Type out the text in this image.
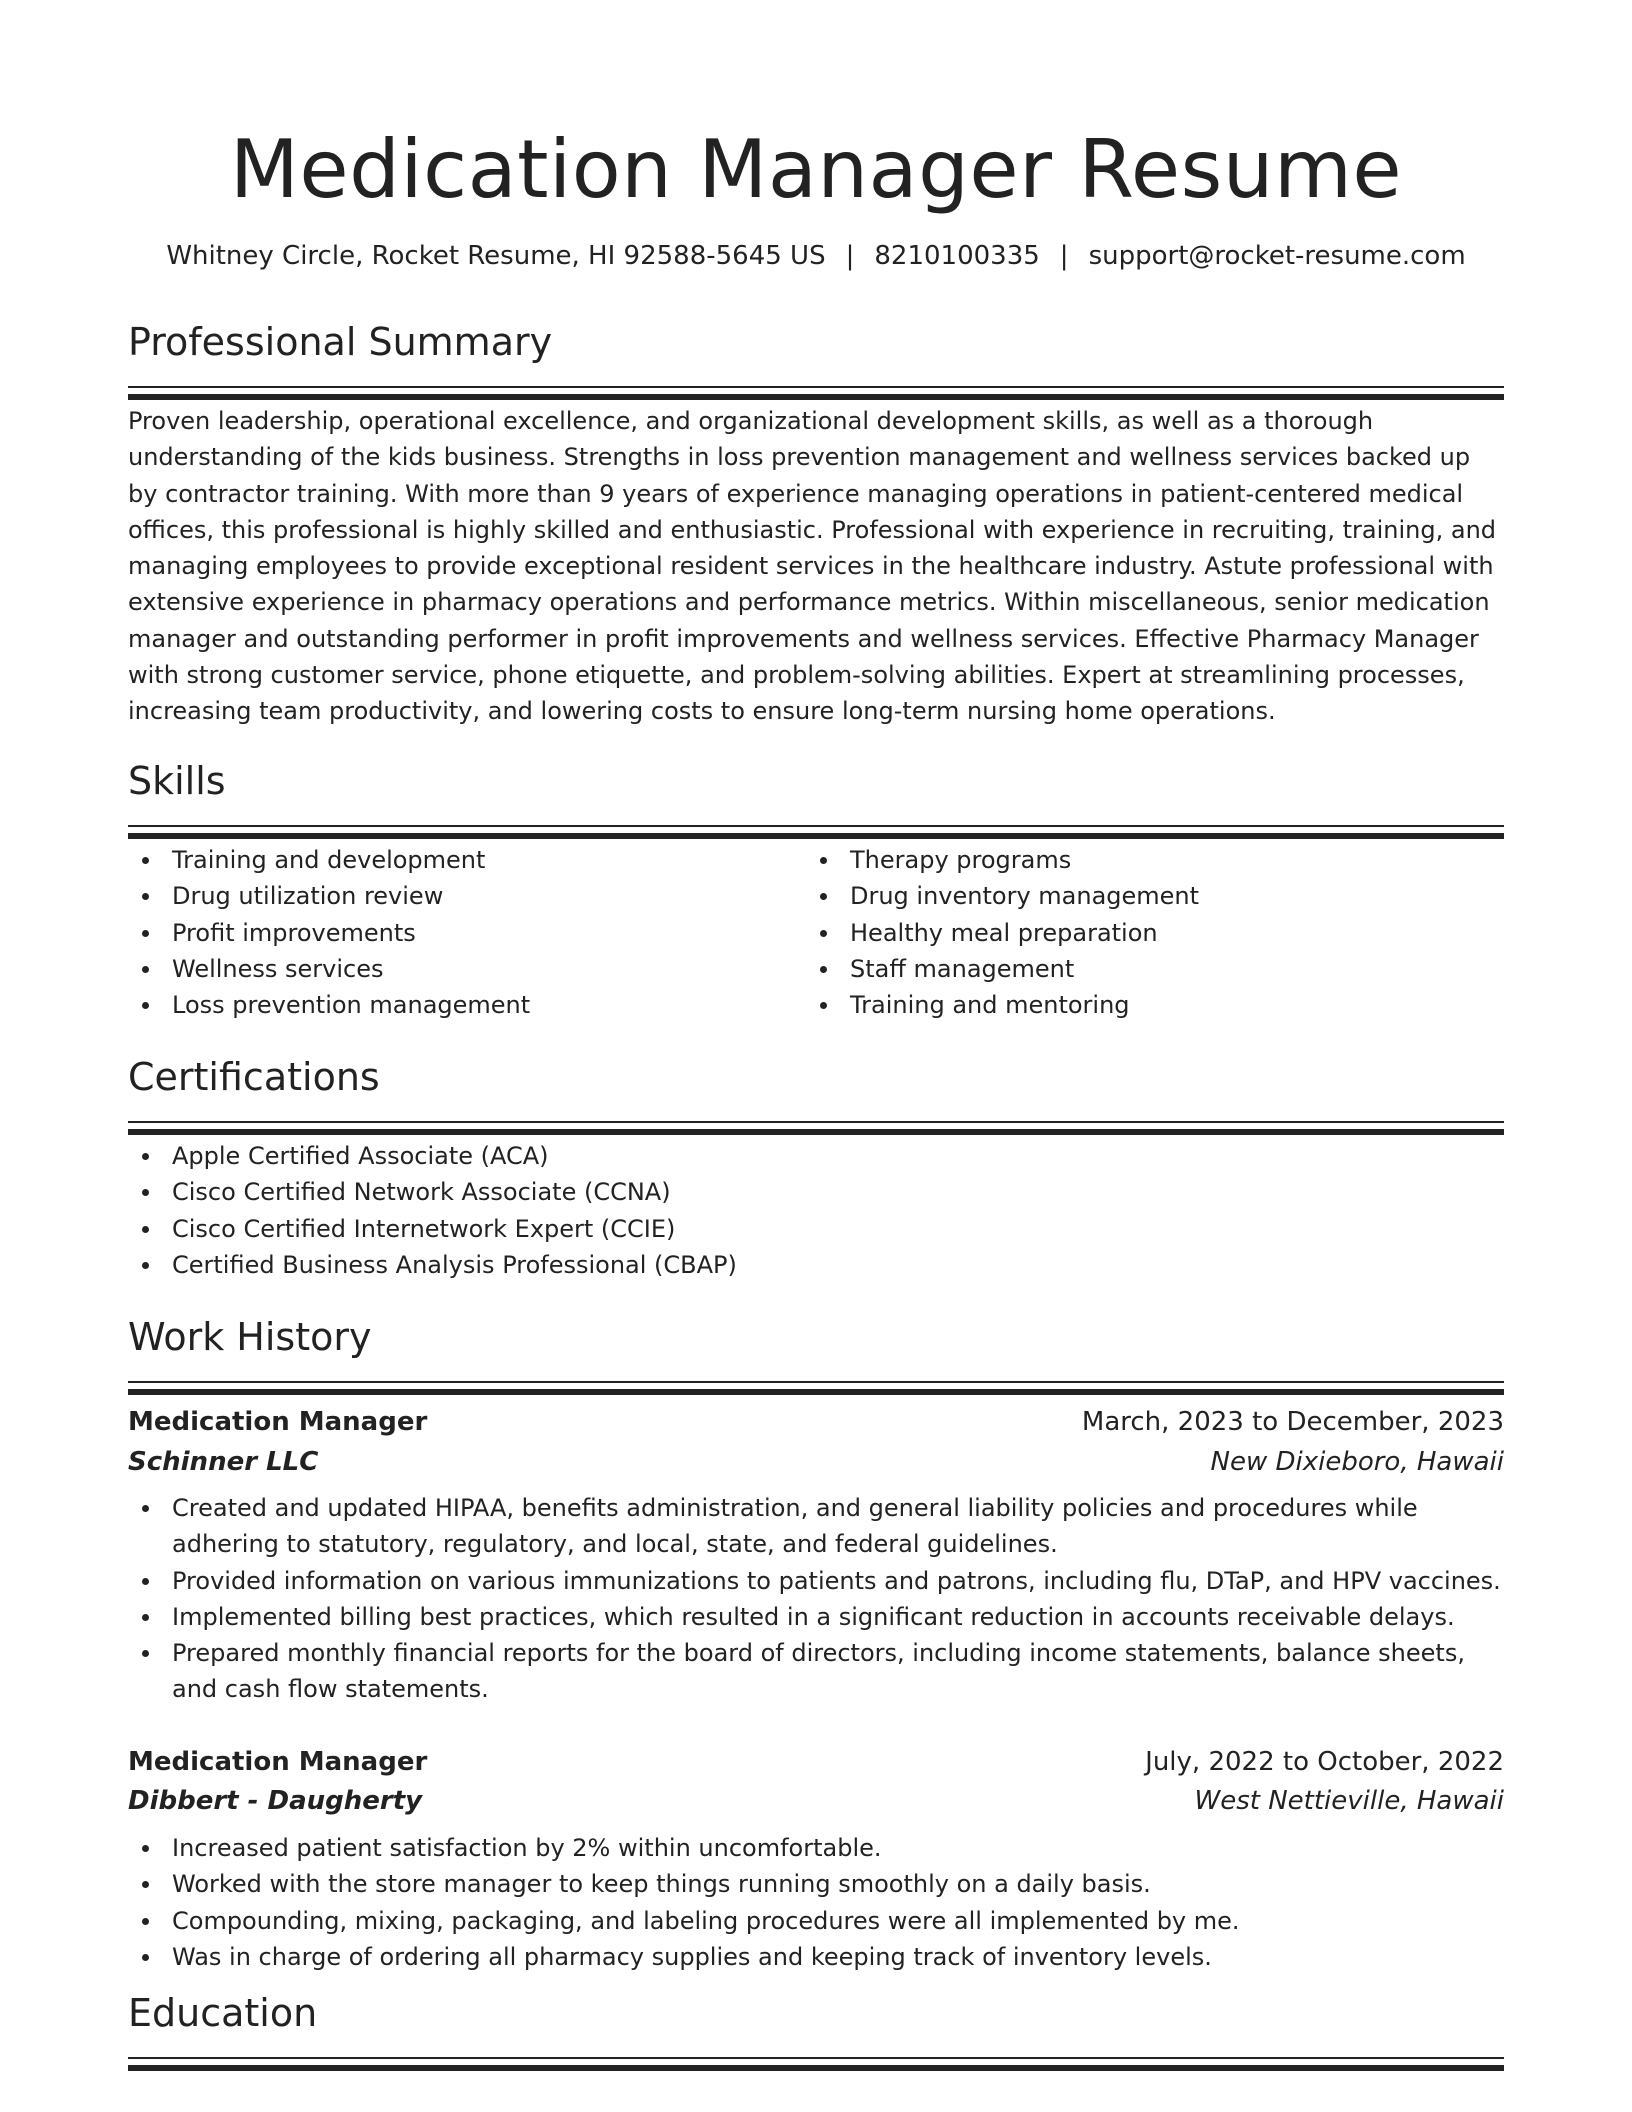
Medication Manager Resume
Whitney Circle, Rocket Resume, HI 92588-5645 US | 8210100335 | support@rocket-resume.com
Professional Summary

Proven leadership, operational excellence, and organizational development skills, as well as a thorough understanding of the kids business. Strengths in loss prevention management and wellness services backed up by contractor training. With more than 9 years of experience managing operations in patient-centered medical offices, this professional is highly skilled and enthusiastic. Professional with experience in recruiting, training, and managing employees to provide exceptional resident services in the healthcare industry. Astute professional with extensive experience in pharmacy operations and performance metrics. Within miscellaneous, senior medication manager and outstanding performer in profit improvements and wellness services. Effective Pharmacy Manager with strong customer service, phone etiquette, and problem-solving abilities. Expert at streamlining processes, increasing team productivity, and lowering costs to ensure long-term nursing home operations.

Skills
Training and development
Drug utilization review
Profit improvements
Wellness services
Loss prevention management
Therapy programs
Drug inventory management
Healthy meal preparation
Staff management
Training and mentoring
Certifications
Apple Certified Associate (ACA)
Cisco Certified Network Associate (CCNA)
Cisco Certified Internetwork Expert (CCIE)
Certified Business Analysis Professional (CBAP)
Work History
Medication Manager	March, 2023 to December, 2023
Schinner LLC	New Dixieboro, Hawaii
Created and updated HIPAA, benefits administration, and general liability policies and procedures while adhering to statutory, regulatory, and local, state, and federal guidelines.
Provided information on various immunizations to patients and patrons, including flu, DTaP, and HPV vaccines.
Implemented billing best practices, which resulted in a significant reduction in accounts receivable delays.
Prepared monthly financial reports for the board of directors, including income statements, balance sheets, and cash flow statements.
Medication Manager	July, 2022 to October, 2022
Dibbert - Daugherty	West Nettieville, Hawaii
Increased patient satisfaction by 2% within uncomfortable.
Worked with the store manager to keep things running smoothly on a daily basis.
Compounding, mixing, packaging, and labeling procedures were all implemented by me.
Was in charge of ordering all pharmacy supplies and keeping track of inventory levels.
Education
